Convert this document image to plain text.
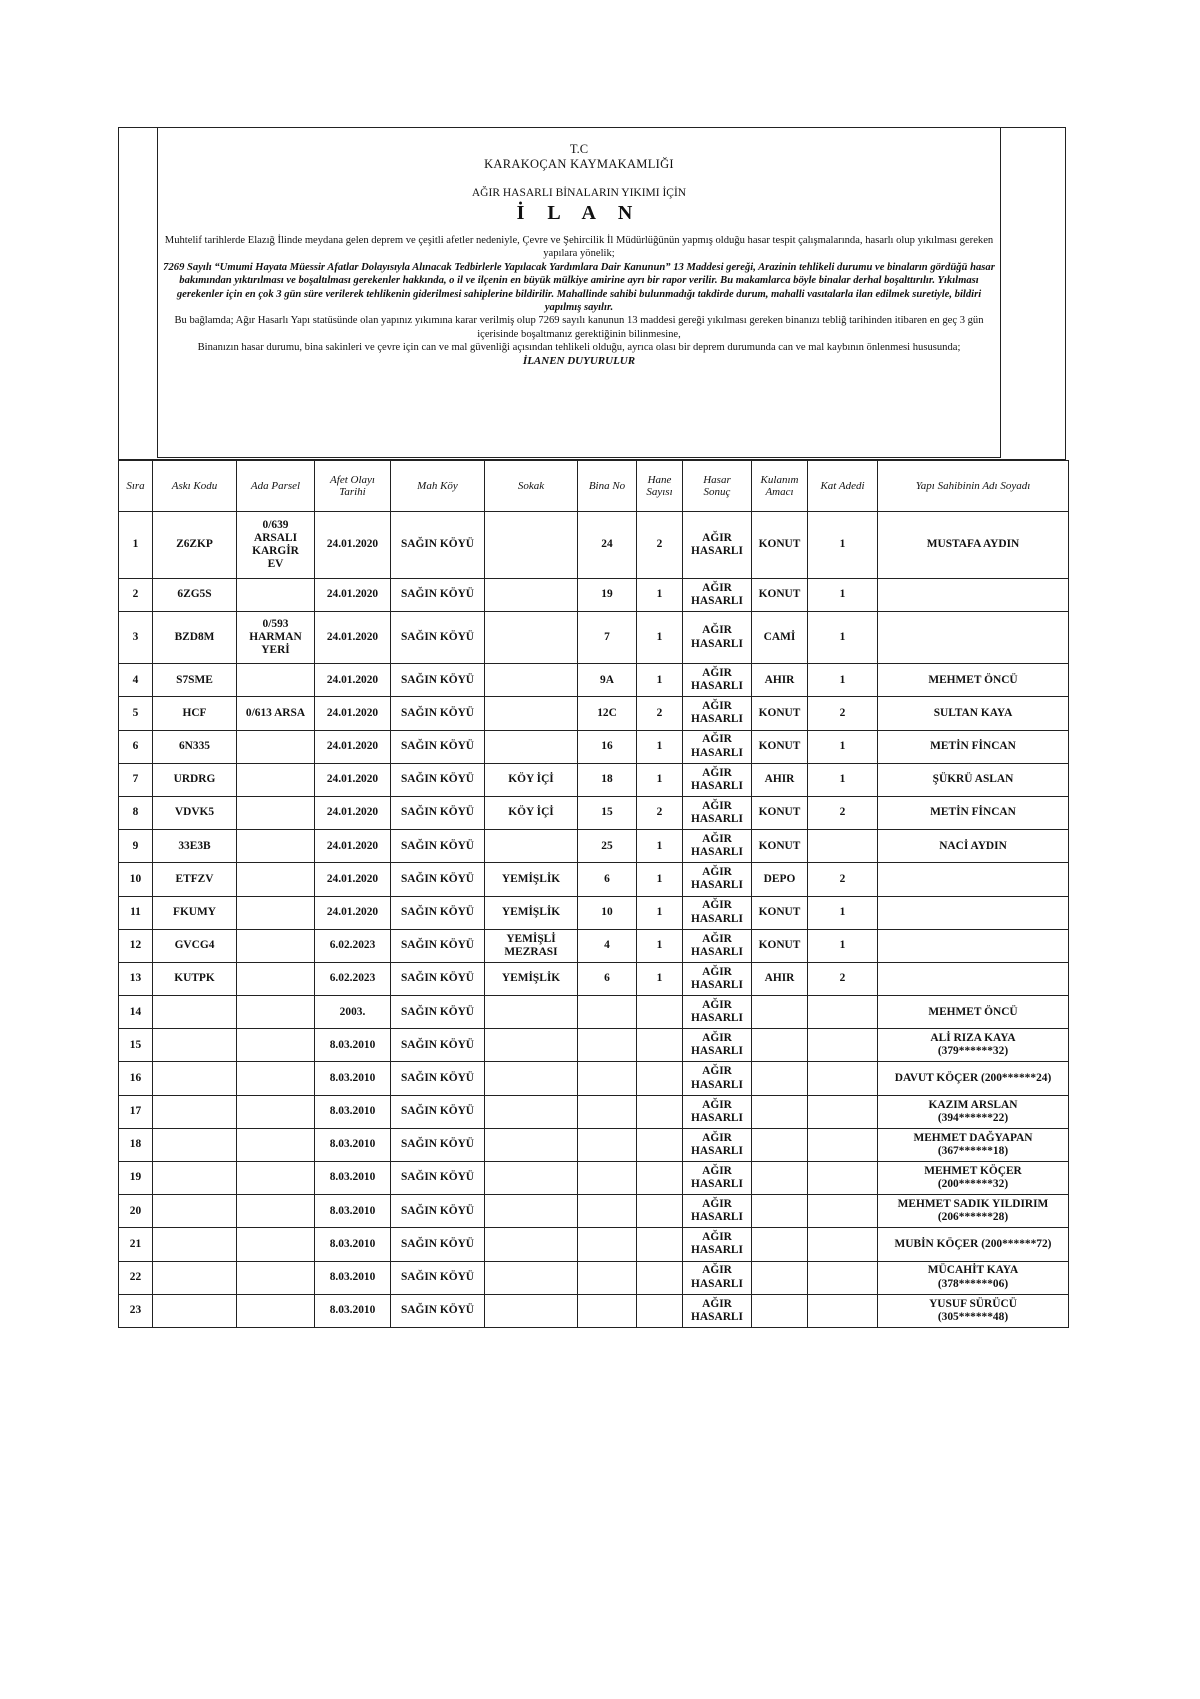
T.C
KARAKOÇAN KAYMAKAMLIĞI
AĞIR HASARLI BİNALARIN YIKIMI İÇİN
İ L A N

Muhtelif tarihlerde Elazığ İlinde meydana gelen deprem ve çeşitli afetler nedeniyle, Çevre ve Şehircilik İl Müdürlüğünün yapmış olduğu hasar tespit çalışmalarında, hasarlı olup yıkılması gereken yapılara yönelik;

7269 Sayılı “Umumi Hayata Müessir Afatlar Dolayısıyla Alınacak Tedbirlerle Yapılacak Yardımlara Dair Kanunun” 13 Maddesi gereği, Arazinin tehlikeli durumu ve binaların gördüğü hasar bakımından yıktırılması ve boşaltılması gerekenler hakkında, o il ve ilçenin en büyük mülkiye amirine ayrı bir rapor verilir. Bu makamlarca böyle binalar derhal boşalttırılır. Yıkılması gerekenler için en çok 3 gün süre verilerek tehlikenin giderilmesi sahiplerine bildirilir. Mahallinde sahibi bulunmadığı takdirde durum, mahalli vasıtalarla ilan edilmek suretiyle, bildiri yapılmış sayılır.

Bu bağlamda; Ağır Hasarlı Yapı statüsünde olan yapınız yıkımına karar verilmiş olup 7269 sayılı kanunun 13 maddesi gereği yıkılması gereken binanızı tebliğ tarihinden itibaren en geç 3 gün içerisinde boşaltmanız gerektiğinin bilinmesine,

Binanızın hasar durumu, bina sakinleri ve çevre için can ve mal güvenliği açısından tehlikeli olduğu, ayrıca olası bir deprem durumunda can ve mal kaybının önlenmesi hususunda;

İLANEN DUYURULUR
Sıra	Askı Kodu	Ada Parsel	Afet Olayı
Tarihi	Mah Köy	Sokak	Bina No	Hane
Sayısı	Hasar
Sonuç	Kulanım
Amacı	Kat Adedi	Yapı Sahibinin Adı Soyadı
1	Z6ZKP	0/639
ARSALI
KARGİR
EV	24.01.2020	SAĞIN KÖYÜ		24	2	AĞIR
HASARLI	KONUT	1	MUSTAFA AYDIN
2	6ZG5S		24.01.2020	SAĞIN KÖYÜ		19	1	AĞIR
HASARLI	KONUT	1	
3	BZD8M	0/593
HARMAN
YERİ	24.01.2020	SAĞIN KÖYÜ		7	1	AĞIR
HASARLI	CAMİ	1	
4	S7SME		24.01.2020	SAĞIN KÖYÜ		9A	1	AĞIR
HASARLI	AHIR	1	MEHMET ÖNCÜ
5	HCF	0/613 ARSA	24.01.2020	SAĞIN KÖYÜ		12C	2	AĞIR
HASARLI	KONUT	2	SULTAN KAYA
6	6N335		24.01.2020	SAĞIN KÖYÜ		16	1	AĞIR
HASARLI	KONUT	1	METİN FİNCAN
7	URDRG		24.01.2020	SAĞIN KÖYÜ	KÖY İÇİ	18	1	AĞIR
HASARLI	AHIR	1	ŞÜKRÜ ASLAN
8	VDVK5		24.01.2020	SAĞIN KÖYÜ	KÖY İÇİ	15	2	AĞIR
HASARLI	KONUT	2	METİN FİNCAN
9	33E3B		24.01.2020	SAĞIN KÖYÜ		25	1	AĞIR
HASARLI	KONUT		NACİ AYDIN
10	ETFZV		24.01.2020	SAĞIN KÖYÜ	YEMİŞLİK	6	1	AĞIR
HASARLI	DEPO	2	
11	FKUMY		24.01.2020	SAĞIN KÖYÜ	YEMİŞLİK	10	1	AĞIR
HASARLI	KONUT	1	
12	GVCG4		6.02.2023	SAĞIN KÖYÜ	YEMİŞLİ
MEZRASI	4	1	AĞIR
HASARLI	KONUT	1	
13	KUTPK		6.02.2023	SAĞIN KÖYÜ	YEMİŞLİK	6	1	AĞIR
HASARLI	AHIR	2	
14			2003.	SAĞIN KÖYÜ				AĞIR
HASARLI			MEHMET ÖNCÜ
15			8.03.2010	SAĞIN KÖYÜ				AĞIR
HASARLI			ALİ RIZA KAYA
(379******32)
16			8.03.2010	SAĞIN KÖYÜ				AĞIR
HASARLI			DAVUT KÖÇER (200******24)
17			8.03.2010	SAĞIN KÖYÜ				AĞIR
HASARLI			KAZIM ARSLAN
(394******22)
18			8.03.2010	SAĞIN KÖYÜ				AĞIR
HASARLI			MEHMET DAĞYAPAN
(367******18)
19			8.03.2010	SAĞIN KÖYÜ				AĞIR
HASARLI			MEHMET KÖÇER
(200******32)
20			8.03.2010	SAĞIN KÖYÜ				AĞIR
HASARLI			MEHMET SADIK YILDIRIM
(206******28)
21			8.03.2010	SAĞIN KÖYÜ				AĞIR
HASARLI			MUBİN KÖÇER (200******72)
22			8.03.2010	SAĞIN KÖYÜ				AĞIR
HASARLI			MÜCAHİT KAYA
(378******06)
23			8.03.2010	SAĞIN KÖYÜ				AĞIR
HASARLI			YUSUF SÜRÜCÜ
(305******48)
